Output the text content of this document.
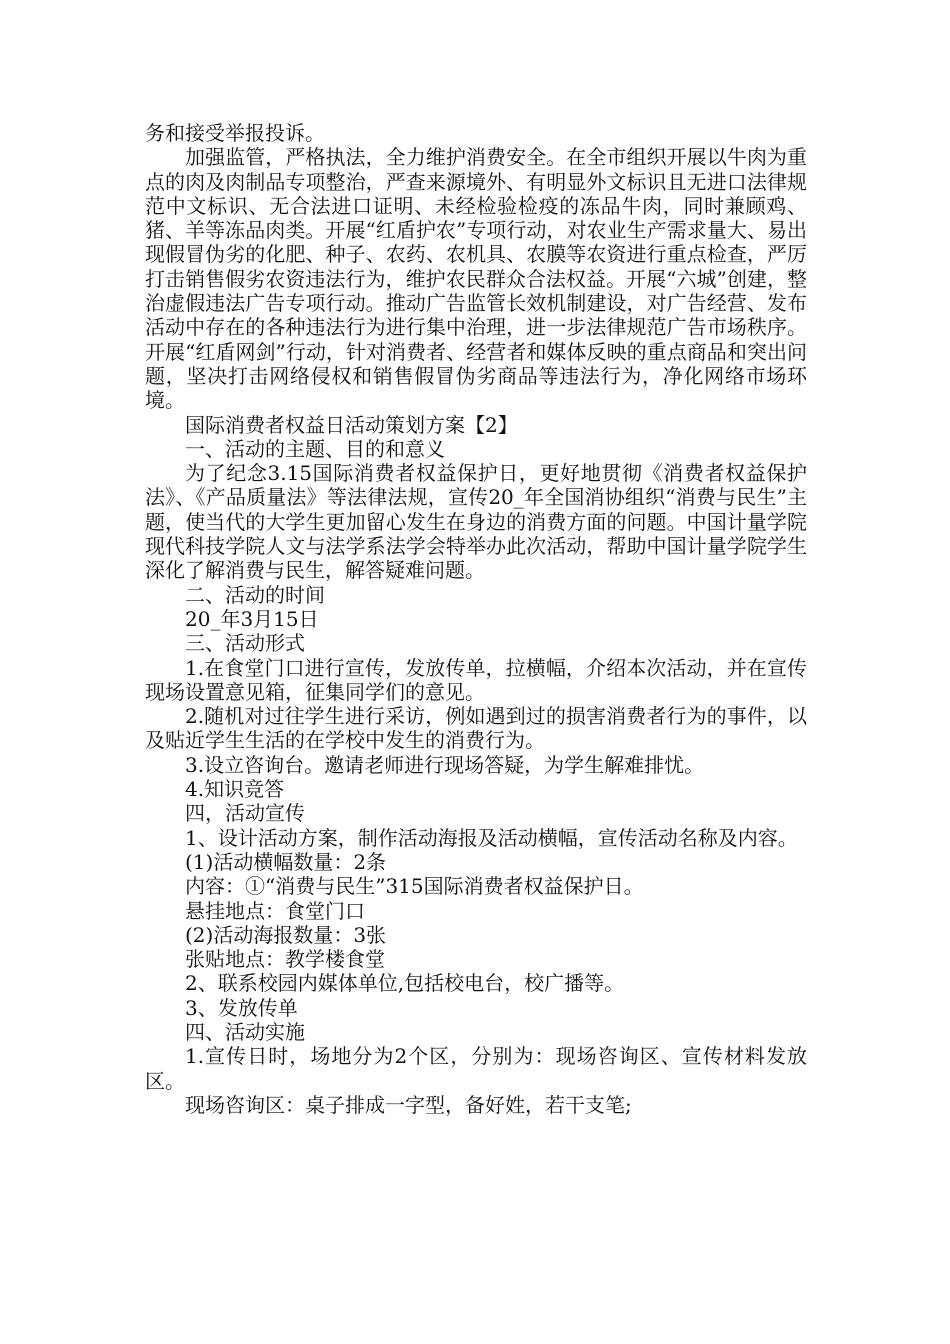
务和接受举报投诉。

加强监管，严格执法，全力维护消费安全。在全市组织开展以牛肉为重点的肉及肉制品专项整治，严查来源境外、有明显外文标识且无进口法律规范中文标识、无合法进口证明、未经检验检疫的冻品牛肉，同时兼顾鸡、猪、羊等冻品肉类。开展“红盾护农”专项行动，对农业生产需求量大、易出现假冒伪劣的化肥、种子、农药、农机具、农膜等农资进行重点检查，严厉打击销售假劣农资违法行为，维护农民群众合法权益。开展“六城”创建，整治虚假违法广告专项行动。推动广告监管长效机制建设，对广告经营、发布活动中存在的各种违法行为进行集中治理，进一步法律规范广告市场秩序。开展“红盾网剑”行动，针对消费者、经营者和媒体反映的重点商品和突出问题，坚决打击网络侵权和销售假冒伪劣商品等违法行为，净化网络市场环境。

国际消费者权益日活动策划方案【2】

一、活动的主题、目的和意义

为了纪念3.15国际消费者权益保护日，更好地贯彻《消费者权益保护法》、《产品质量法》等法律法规，宣传20_年全国消协组织“消费与民生”主题，使当代的大学生更加留心发生在身边的消费方面的问题。中国计量学院现代科技学院人文与法学系法学会特举办此次活动，帮助中国计量学院学生深化了解消费与民生，解答疑难问题。

二、活动的时间

20_年3月15日

三、活动形式

1.在食堂门口进行宣传，发放传单，拉横幅，介绍本次活动，并在宣传现场设置意见箱，征集同学们的意见。

2.随机对过往学生进行采访，例如遇到过的损害消费者行为的事件，以及贴近学生生活的在学校中发生的消费行为。

3.设立咨询台。邀请老师进行现场答疑，为学生解难排忧。

4.知识竞答

四，活动宣传

1、设计活动方案，制作活动海报及活动横幅，宣传活动名称及内容。

(1)活动横幅数量：2条

内容：①“消费与民生”315国际消费者权益保护日。

悬挂地点：食堂门口

(2)活动海报数量：3张

张贴地点：教学楼食堂

2、联系校园内媒体单位,包括校电台，校广播等。

3、发放传单

四、活动实施

1.宣传日时，场地分为2个区，分别为：现场咨询区、宣传材料发放区。

现场咨询区：桌子排成一字型，备好姓，若干支笔;
